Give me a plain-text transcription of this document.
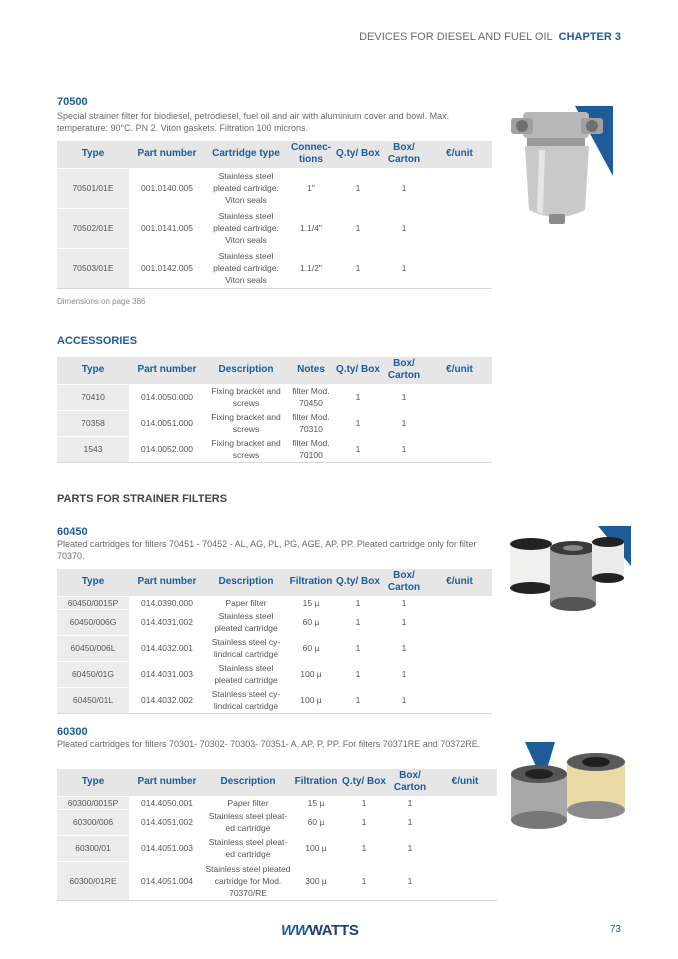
DEVICES FOR DIESEL AND FUEL OIL CHAPTER 3
70500
Special strainer filter for biodiesel, petrodiesel, fuel oil and air with aluminium cover and bowl. Max. temperature: 90°C. PN 2. Viton gaskets. Filtration 100 microns.
Type	Part number	Cartridge type	Connec-tions	Q.ty/ Box	Box/ Carton	€/unit
70501/01E	001.0140.005	Stainless steel pleated cartridge. Viton seals	1"	1	1	
70502/01E	001.0141.005	Stainless steel pleated cartridge. Viton seals	1.1/4"	1	1	
70503/01E	001.0142.005	Stainless steel pleated cartridge. Viton seals	1.1/2"	1	1	
Dimensions on page 386
ACCESSORIES
Type	Part number	Description	Notes	Q.ty/ Box	Box/ Carton	€/unit
70410	014.0050.000	Fixing bracket and screws	filter Mod. 70450	1	1	
70358	014.0051.000	Fixing bracket and screws	filter Mod. 70310	1	1	
1543	014.0052.000	Fixing bracket and screws	filter Mod. 70100	1	1	
PARTS FOR STRAINER FILTERS
60450
Pleated cartridges for filters 70451 - 70452 - AL, AG, PL, PG, AGE, AP, PP. Pleated cartridge only for filter 70370.
Type	Part number	Description	Filtration	Q.ty/ Box	Box/ Carton	€/unit
60450/0015P	014.0390.000	Paper filter	15 µ	1	1	
60450/006G	014.4031.002	Stainless steel pleated cartridge	60 µ	1	1	
60450/006L	014.4032.001	Stainless steel cy-lindrical cartridge	60 µ	1	1	
60450/01G	014.4031.003	Stainless steel pleated cartridge	100 µ	1	1	
60450/01L	014.4032.002	Stainless steel cy-lindrical cartridge	100 µ	1	1	
60300
Pleated cartridges for filters 70301- 70302- 70303- 70351- A, AP, P, PP. For filters 70371RE and 70372RE.
Type	Part number	Description	Filtration	Q.ty/ Box	Box/ Carton	€/unit
60300/0015P	014.4050.001	Paper filter	15 µ	1	1	
60300/006	014.4051.002	Stainless steel pleat-ed cartridge	60 µ	1	1	
60300/01	014.4051.003	Stainless steel pleat-ed cartridge	100 µ	1	1	
60300/01RE	014.4051.004	Stainless steel pleated cartridge for Mod. 70370/RE	300 µ	1	1	
WWWATTS	73
